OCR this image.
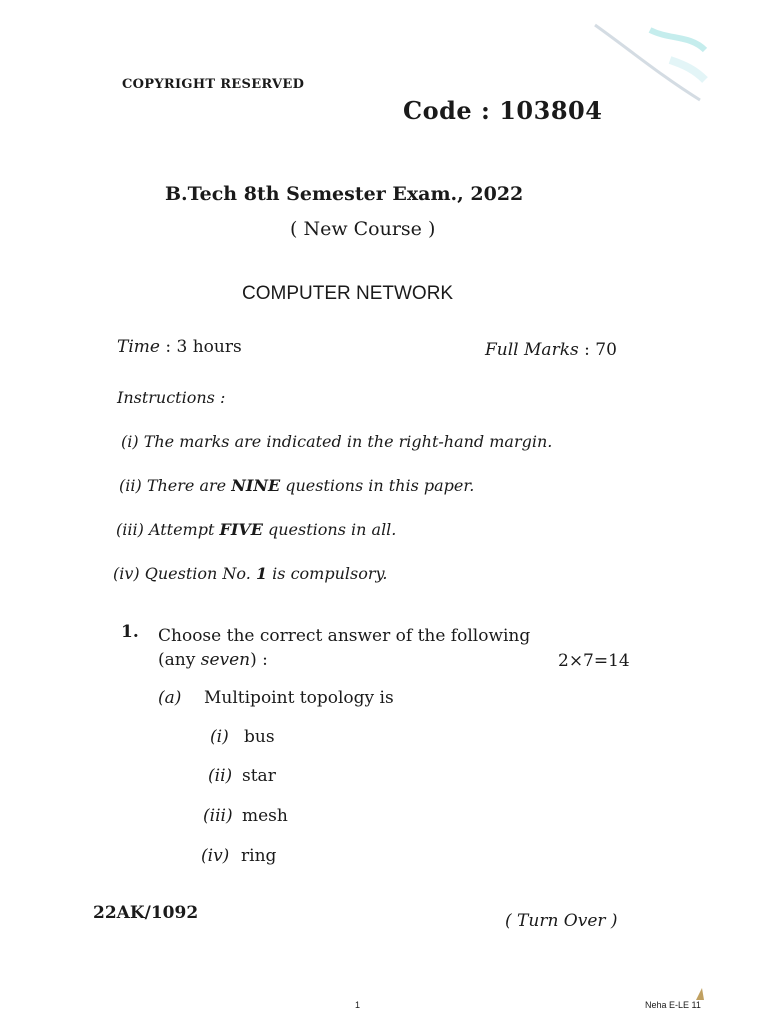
COPYRIGHT RESERVED
Code : 103804
B.Tech 8th Semester Exam., 2022
( New Course )
COMPUTER NETWORK
Time : 3 hours	Full Marks : 70
Instructions :
(i) The marks are indicated in the right-hand margin.
(ii) There are NINE questions in this paper.
(iii) Attempt FIVE questions in all.
(iv) Question No. 1 is compulsory.
1. Choose the correct answer of the following
(any seven) :	2×7=14
(a) Multipoint topology is
(i) bus
(ii) star
(iii) mesh
(iv) ring
22AK/1092	( Turn Over )
1	Neha E-LE 11
